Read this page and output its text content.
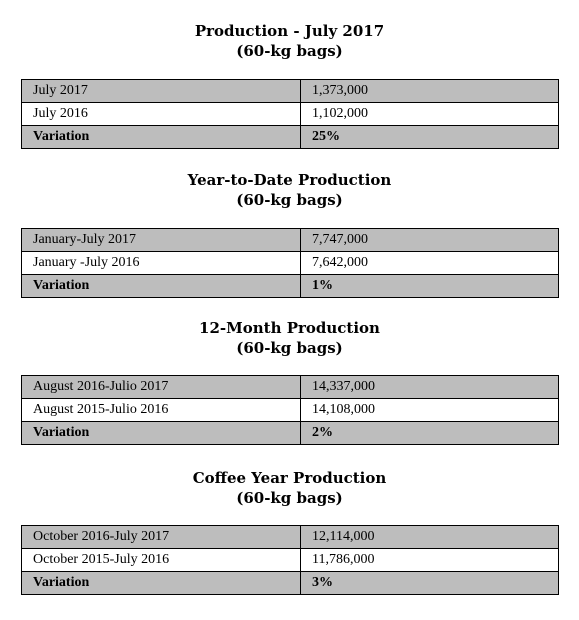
Production - July 2017
(60-kg bags)
July 2017	1,373,000
July 2016	1,102,000
Variation	25%
Year-to-Date Production
(60-kg bags)
January-July 2017	7,747,000
January -July 2016	7,642,000
Variation	1%
12-Month Production
(60-kg bags)
August 2016-Julio 2017	14,337,000
August 2015-Julio 2016	14,108,000
Variation	2%
Coffee Year Production
(60-kg bags)
October 2016-July 2017	12,114,000
October 2015-July 2016	11,786,000
Variation	3%
